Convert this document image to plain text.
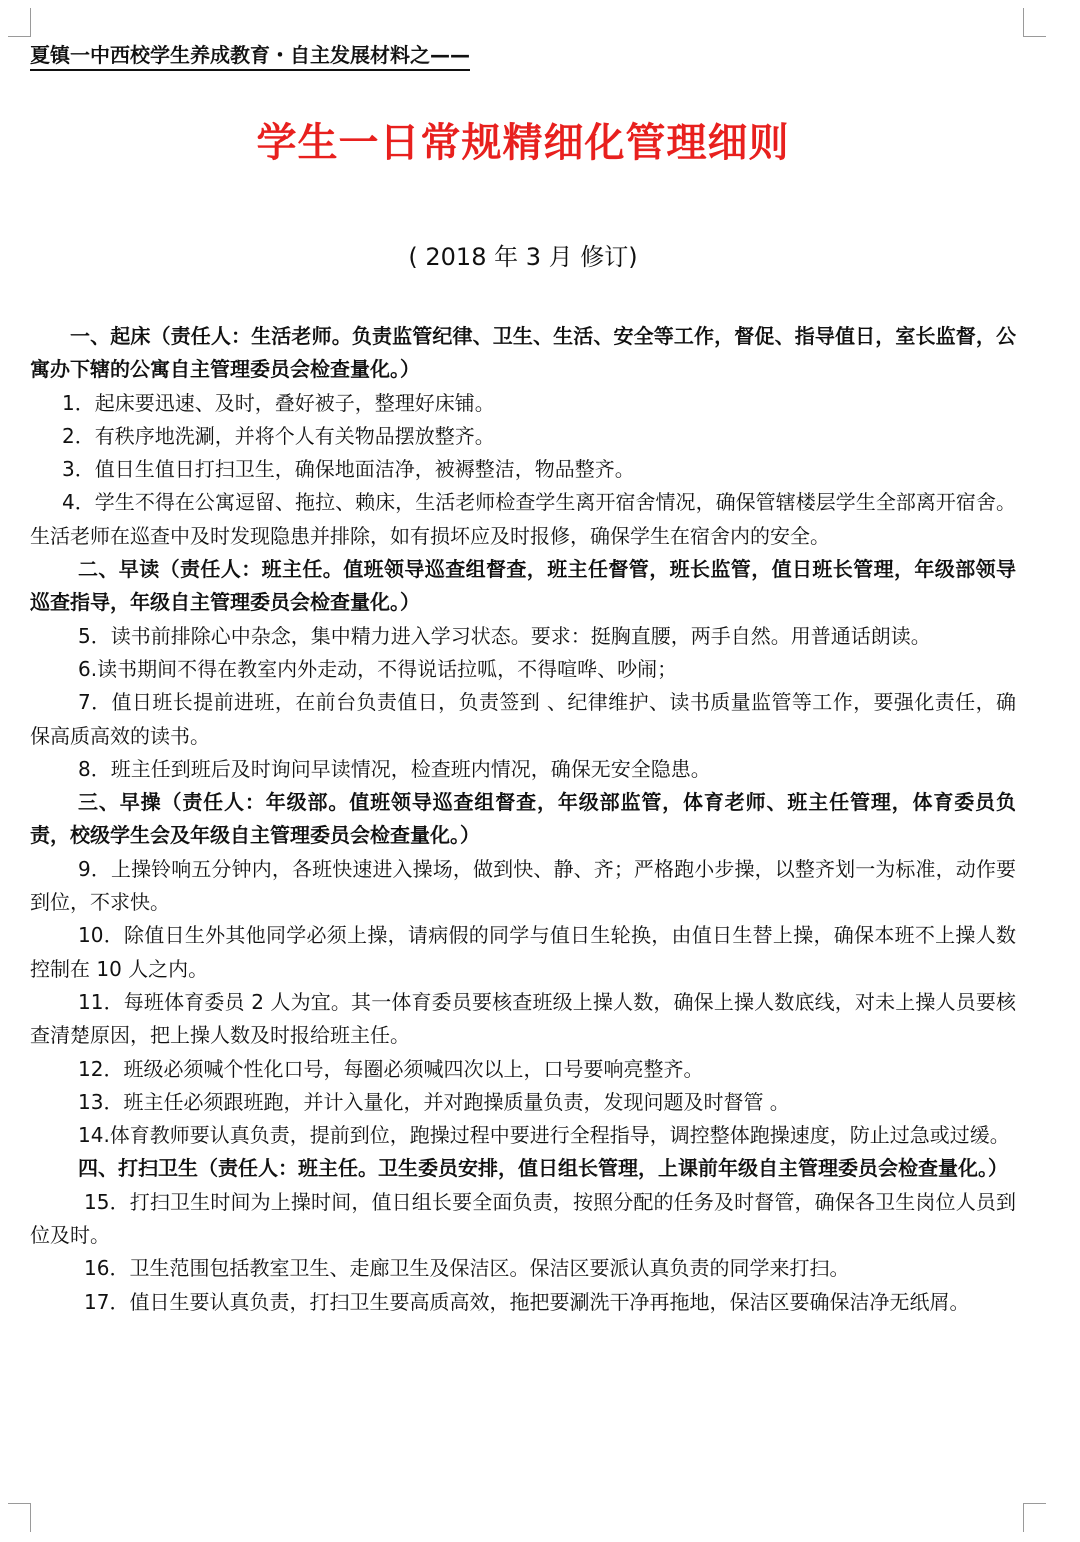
夏镇一中西校学生养成教育・自主发展材料之——
学生一日常规精细化管理细则
( 2018 年 3 月 修订)

一、起床（责任人：生活老师。负责监管纪律、卫生、生活、安全等工作，督促、指导值日，室长监督，公寓办下辖的公寓自主管理委员会检查量化。）

1．起床要迅速、及时，叠好被子，整理好床铺。

2．有秩序地洗涮，并将个人有关物品摆放整齐。

3．值日生值日打扫卫生，确保地面洁净，被褥整洁，物品整齐。

4．学生不得在公寓逗留、拖拉、赖床，生活老师检查学生离开宿舍情况，确保管辖楼层学生全部离开宿舍。生活老师在巡查中及时发现隐患并排除，如有损坏应及时报修，确保学生在宿舍内的安全。

二、早读（责任人：班主任。值班领导巡查组督查，班主任督管，班长监管，值日班长管理，年级部领导巡查指导，年级自主管理委员会检查量化。）

5．读书前排除心中杂念，集中精力进入学习状态。要求：挺胸直腰，两手自然。用普通话朗读。

6.读书期间不得在教室内外走动，不得说话拉呱，不得喧哗、吵闹；

7．值日班长提前进班，在前台负责值日，负责签到 、纪律维护、读书质量监管等工作，要强化责任，确保高质高效的读书。

8．班主任到班后及时询问早读情况，检查班内情况，确保无安全隐患。

三、早操（责任人：年级部。值班领导巡查组督查，年级部监管，体育老师、班主任管理，体育委员负责，校级学生会及年级自主管理委员会检查量化。）

9．上操铃响五分钟内，各班快速进入操场，做到快、静、齐；严格跑小步操，以整齐划一为标准，动作要到位，不求快。

10．除值日生外其他同学必须上操，请病假的同学与值日生轮换，由值日生替上操，确保本班不上操人数控制在 10 人之内。

11．每班体育委员 2 人为宜。其一体育委员要核查班级上操人数，确保上操人数底线，对未上操人员要核查清楚原因，把上操人数及时报给班主任。

12．班级必须喊个性化口号，每圈必须喊四次以上，口号要响亮整齐。

13．班主任必须跟班跑，并计入量化，并对跑操质量负责，发现问题及时督管 。

14.体育教师要认真负责，提前到位，跑操过程中要进行全程指导，调控整体跑操速度，防止过急或过缓。

四、打扫卫生（责任人：班主任。卫生委员安排，值日组长管理，上课前年级自主管理委员会检查量化。）

15．打扫卫生时间为上操时间，值日组长要全面负责，按照分配的任务及时督管，确保各卫生岗位人员到位及时。

16．卫生范围包括教室卫生、走廊卫生及保洁区。保洁区要派认真负责的同学来打扫。

17．值日生要认真负责，打扫卫生要高质高效，拖把要涮洗干净再拖地，保洁区要确保洁净无纸屑。
